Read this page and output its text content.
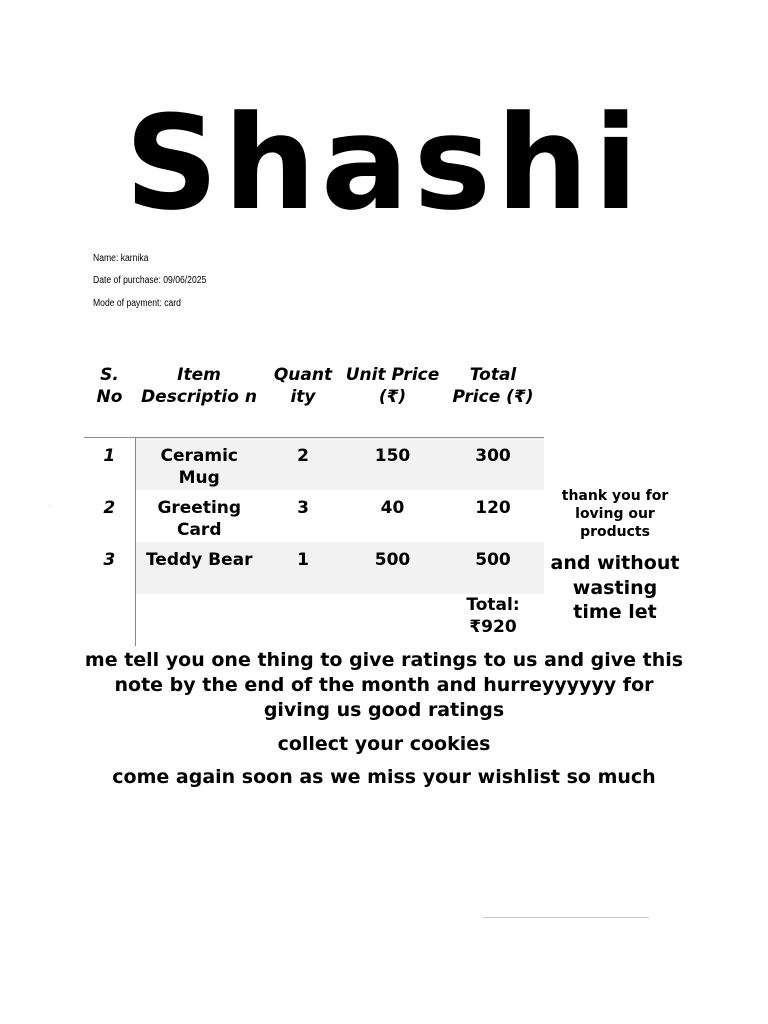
Shashi
Name: karnika
Date of purchase: 09/06/2025
Mode of payment: card
S. No	Item Descriptio n	Quant ity	Unit Price (₹)	Total Price (₹)
1	Ceramic Mug	2	150	300
2	Greeting Card	3	40	120
3	Teddy Bear	1	500	500
				Total: ₹920
thank you for loving our products
and without wasting time let
me tell you one thing to give ratings to us and give this note by the end of the month and hurreyyyyyy for giving us good ratings
collect your cookies
come again soon as we miss your wishlist so much
